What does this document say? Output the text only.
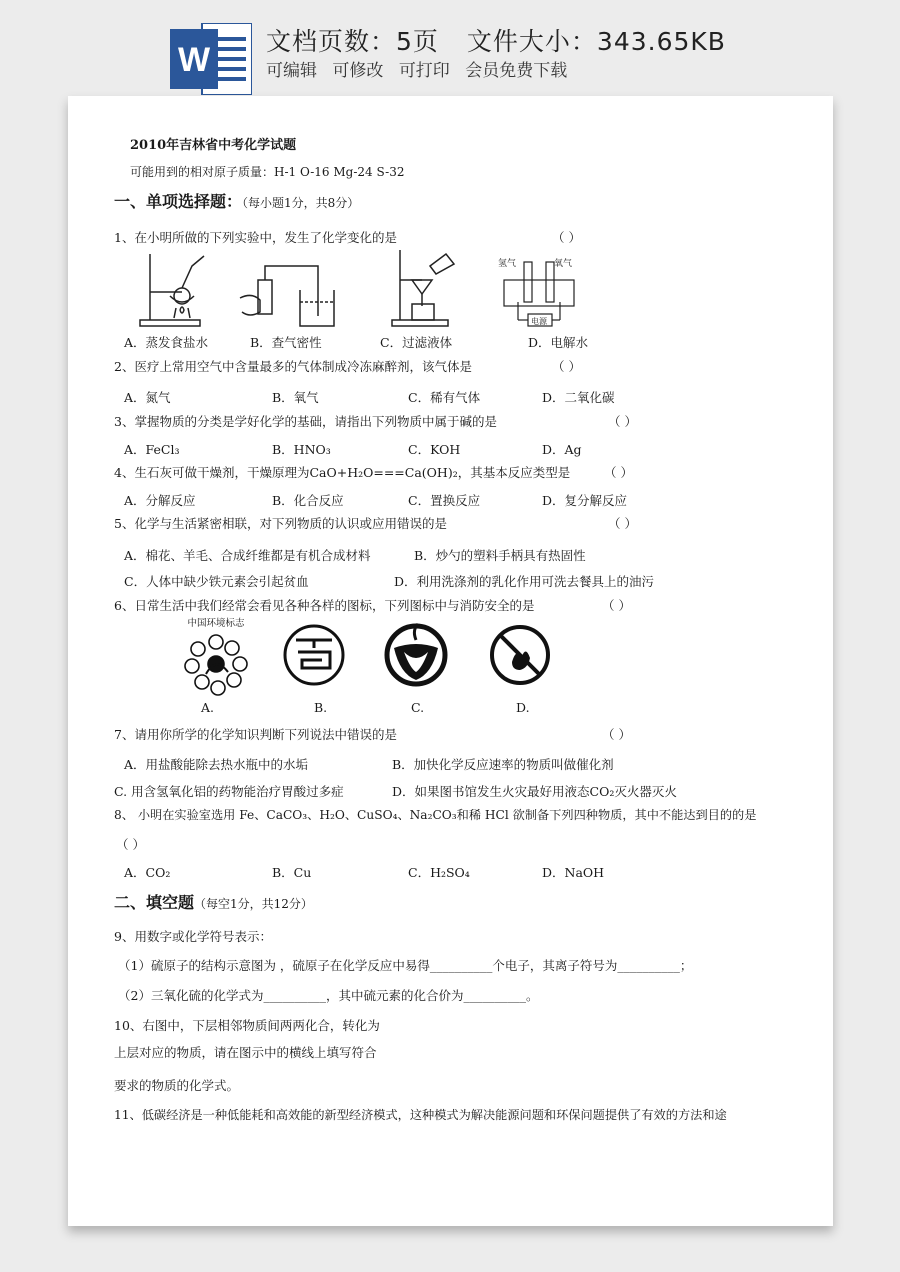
W 文档页数：5页 文件大小：343.65KB
可编辑 可修改 可打印 会员免费下载
2010年吉林省中考化学试题
可能用到的相对原子质量：H-1 O-16 Mg-24 S-32
一、单项选择题：（每小题1分，共8分）
1、在小明所做的下列实验中，发生了化学变化的是	（ ）
氢气	氧气
电源
A．蒸发食盐水	B．查气密性	C．过滤液体	D．电解水
2、医疗上常用空气中含量最多的气体制成冷冻麻醉剂，该气体是	（ ）
A．氮气	B．氧气	C．稀有气体	D．二氧化碳
3、掌握物质的分类是学好化学的基础，请指出下列物质中属于碱的是	（ ）
A．FeCl₃	B．HNO₃	C．KOH	D．Ag
4、生石灰可做干燥剂，干燥原理为CaO+H₂O===Ca(OH)₂，其基本反应类型是	（ ）
A．分解反应	B．化合反应	C．置换反应	D．复分解反应
5、化学与生活紧密相联，对下列物质的认识或应用错误的是	（ ）
A．棉花、羊毛、合成纤维都是有机合成材料	B．炒勺的塑料手柄具有热固性
C．人体中缺少铁元素会引起贫血	D．利用洗涤剂的乳化作用可洗去餐具上的油污
6、日常生活中我们经常会看见各种各样的图标，下列图标中与消防安全的是	（ ）
中国环境标志
A.	B.	C.	D.
7、请用你所学的化学知识判断下列说法中错误的是	（ ）
A．用盐酸能除去热水瓶中的水垢	B．加快化学反应速率的物质叫做催化剂
C. 用含氢氧化铝的药物能治疗胃酸过多症	D．如果图书馆发生火灾最好用液态CO₂灭火器灭火
8、 小明在实验室选用 Fe、CaCO₃、H₂O、CuSO₄、Na₂CO₃和稀 HCl 欲制备下列四种物质，其中不能达到目的的是
（ ）
A．CO₂	B．Cu	C．H₂SO₄	D．NaOH
二、填空题（每空1分，共12分）
9、用数字或化学符号表示：
（1）硫原子的结构示意图为 ，硫原子在化学反应中易得__________个电子，其离子符号为__________；
（2）三氧化硫的化学式为__________，其中硫元素的化合价为__________。
10、右图中，下层相邻物质间两两化合，转化为
上层对应的物质，请在图示中的横线上填写符合
要求的物质的化学式。
11、低碳经济是一种低能耗和高效能的新型经济模式，这种模式为解决能源问题和环保问题提供了有效的方法和途
